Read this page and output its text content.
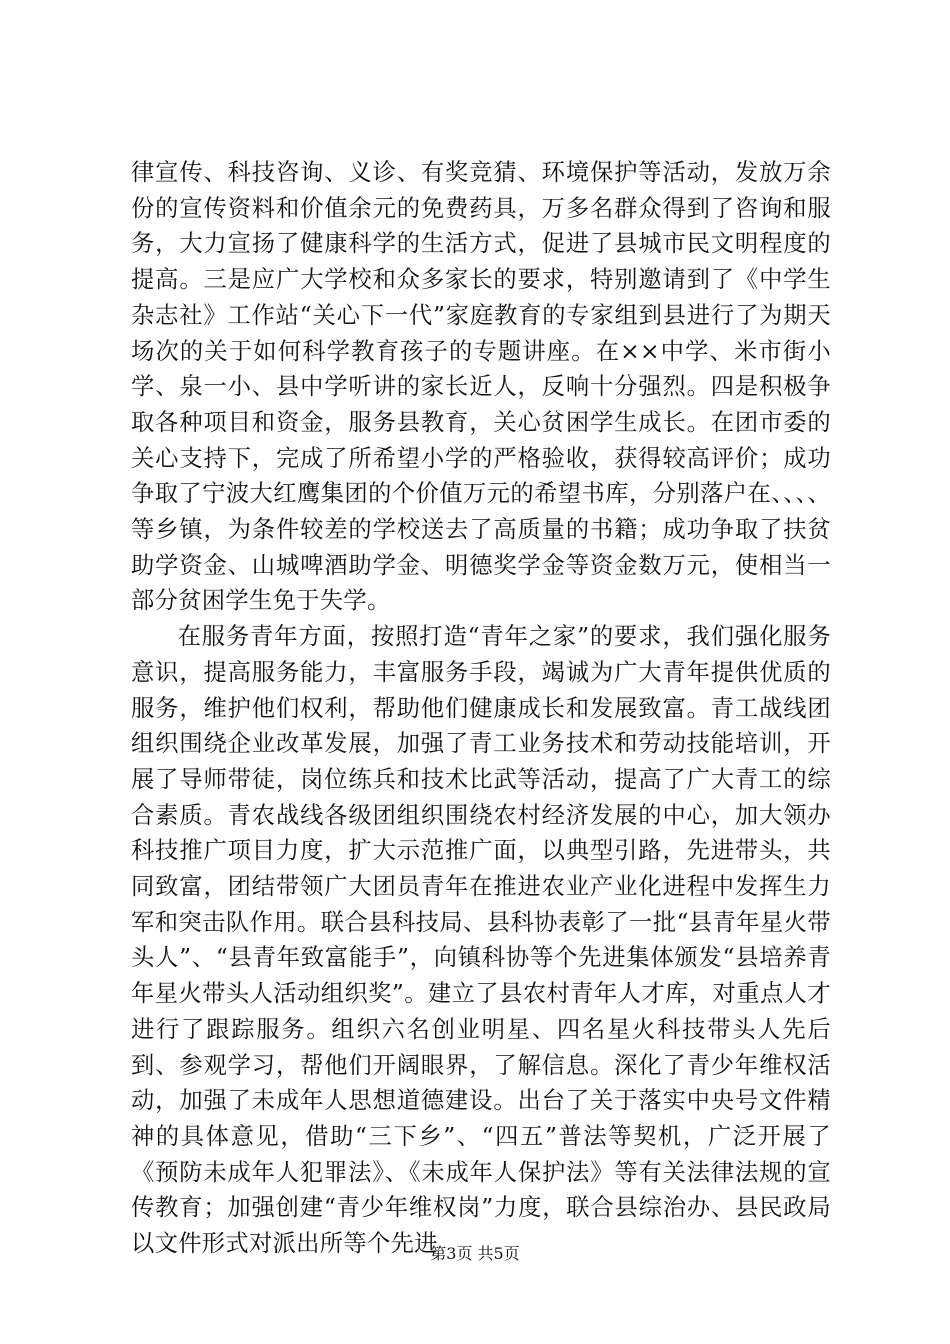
律宣传、科技咨询、义诊、有奖竞猜、环境保护等活动，发放万余份的宣传资料和价值余元的免费药具，万多名群众得到了咨询和服务，大力宣扬了健康科学的生活方式，促进了县城市民文明程度的提高。三是应广大学校和众多家长的要求，特别邀请到了《中学生杂志社》工作站“关心下一代”家庭教育的专家组到县进行了为期天场次的关于如何科学教育孩子的专题讲座。在××中学、米市街小学、泉一小、县中学听讲的家长近人，反响十分强烈。四是积极争取各种项目和资金，服务县教育，关心贫困学生成长。在团市委的关心支持下，完成了所希望小学的严格验收，获得较高评价；成功争取了宁波大红鹰集团的个价值万元的希望书库，分别落户在、、、、等乡镇，为条件较差的学校送去了高质量的书籍；成功争取了扶贫助学资金、山城啤酒助学金、明德奖学金等资金数万元，使相当一部分贫困学生免于失学。

在服务青年方面，按照打造“青年之家”的要求，我们强化服务意识，提高服务能力，丰富服务手段，竭诚为广大青年提供优质的服务，维护他们权利，帮助他们健康成长和发展致富。青工战线团组织围绕企业改革发展，加强了青工业务技术和劳动技能培训，开展了导师带徒，岗位练兵和技术比武等活动，提高了广大青工的综合素质。青农战线各级团组织围绕农村经济发展的中心，加大领办科技推广项目力度，扩大示范推广面，以典型引路，先进带头，共同致富，团结带领广大团员青年在推进农业产业化进程中发挥生力军和突击队作用。联合县科技局、县科协表彰了一批“县青年星火带头人”、“县青年致富能手”，向镇科协等个先进集体颁发“县培养青年星火带头人活动组织奖”。建立了县农村青年人才库，对重点人才进行了跟踪服务。组织六名创业明星、四名星火科技带头人先后到、参观学习，帮他们开阔眼界，了解信息。深化了青少年维权活动，加强了未成年人思想道德建设。出台了关于落实中央号文件精神的具体意见，借助“三下乡”、“四五”普法等契机，广泛开展了《预防未成年人犯罪法》、《未成年人保护法》等有关法律法规的宣传教育；加强创建“青少年维权岗”力度，联合县综治办、县民政局以文件形式对派出所等个先进

第3页 共5页
